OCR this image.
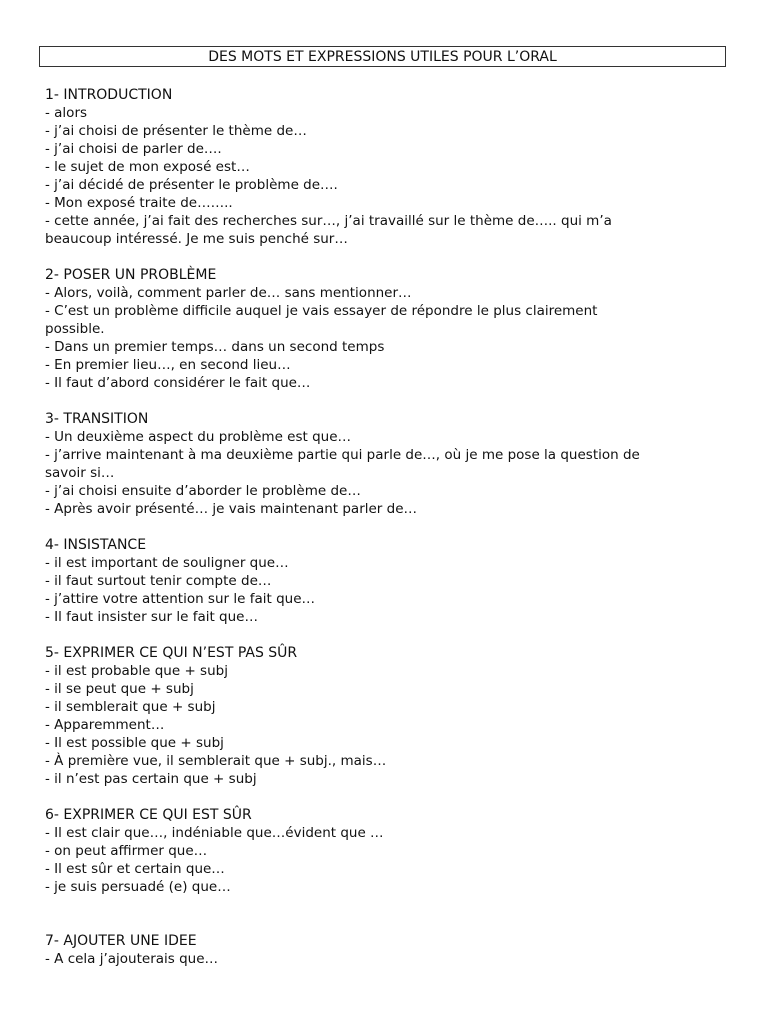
DES MOTS ET EXPRESSIONS UTILES POUR L’ORAL

1- INTRODUCTION

- alors

- j’ai choisi de présenter le thème de…

- j’ai choisi de parler de….

- le sujet de mon exposé est…

- j’ai décidé de présenter le problème de….

- Mon exposé traite de……..

- cette année, j’ai fait des recherches sur…, j’ai travaillé sur le thème de….. qui m’a

beaucoup intéressé. Je me suis penché sur…

2- POSER UN PROBLÈME

- Alors, voilà, comment parler de… sans mentionner…

- C’est un problème difficile auquel je vais essayer de répondre le plus clairement

possible.

- Dans un premier temps… dans un second temps

- En premier lieu…, en second lieu…

- Il faut d’abord considérer le fait que…

3- TRANSITION

- Un deuxième aspect du problème est que…

- j’arrive maintenant à ma deuxième partie qui parle de…, où je me pose la question de

savoir si…

- j’ai choisi ensuite d’aborder le problème de…

- Après avoir présenté… je vais maintenant parler de…

4- INSISTANCE

- il est important de souligner que…

- il faut surtout tenir compte de…

- j’attire votre attention sur le fait que…

- Il faut insister sur le fait que…

5- EXPRIMER CE QUI N’EST PAS SÛR

- il est probable que + subj

- il se peut que + subj

- il semblerait que + subj

- Apparemment…

- Il est possible que + subj

- À première vue, il semblerait que + subj., mais…

- il n’est pas certain que + subj

6- EXPRIMER CE QUI EST SÛR

- Il est clair que…, indéniable que…évident que …

- on peut affirmer que…

- Il est sûr et certain que…

- je suis persuadé (e) que…

7- AJOUTER UNE IDEE

- A cela j’ajouterais que…
